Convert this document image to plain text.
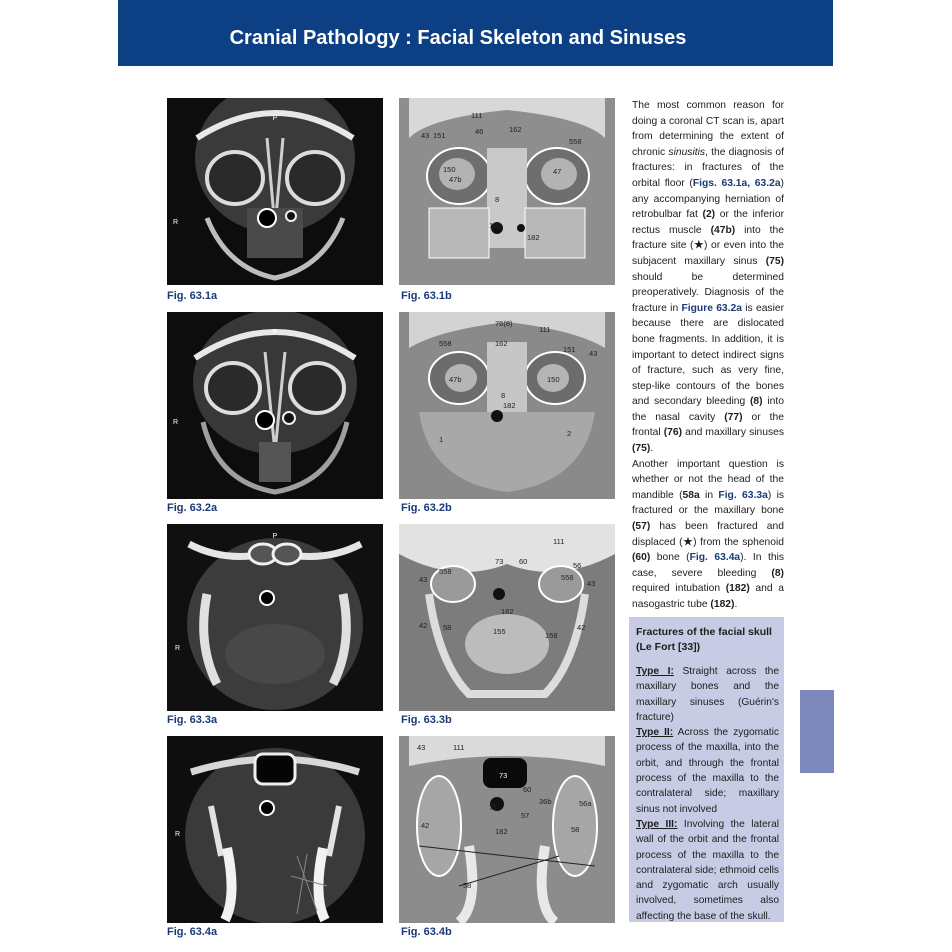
Cranial Pathology : Facial Skeleton and Sinuses	63
P
R
Fig. 63.1a
P
R
Fig. 63.2a
P
R
Fig. 63.3a
R
Fig. 63.4a
111
43 151	46	162
558
150
47b
8
47
182
182
Fig. 63.1b
76(8)
111
558	162
151 43
47b	150
8
182
1
2
Fig. 63.2b
111
73 60	56
43
558
558
43
182
42 58	155	158
42
Fig. 63.3b
43	111
73
60
36b	56a
77
57
182
42	58
58
Fig. 63.4b

The most common reason for doing a coronal CT scan is, apart from determining the extent of chronic sinusitis, the diagnosis of fractures: in fractures of the orbital floor (Figs. 63.1a, 63.2a) any accompanying herniation of retrobulbar fat (2) or the inferior rectus muscle (47b) into the fracture site (★) or even into the subjacent maxillary sinus (75) should be determined preoperatively. Diagnosis of the fracture in Figure 63.2a is easier because there are dislocated bone fragments. In addition, it is important to detect indirect signs of fracture, such as very fine, step-like contours of the bones and secondary bleeding (8) into the nasal cavity (77) or the frontal (76) and maxillary sinuses (75).

Another important question is whether or not the head of the mandible (58a in Fig. 63.3a) is fractured or the maxillary bone (57) has been fractured and displaced (★) from the sphenoid (60) bone (Fig. 63.4a). In this case, severe bleeding (8) required intubation (182) and a nasogastric tube (182).

Fractures of the facial skull (Le Fort [33])

Type I: Straight across the maxillary bones and the maxillary sinuses (Guérin's fracture)

Type II: Across the zygomatic process of the maxilla, into the orbit, and through the frontal process of the maxilla to the contralateral side; maxillary sinus not involved

Type III: Involving the lateral wall of the orbit and the frontal process of the maxilla to the contralateral side; ethmoid cells and zygomatic arch usually involved, sometimes also affecting the base of the skull.
